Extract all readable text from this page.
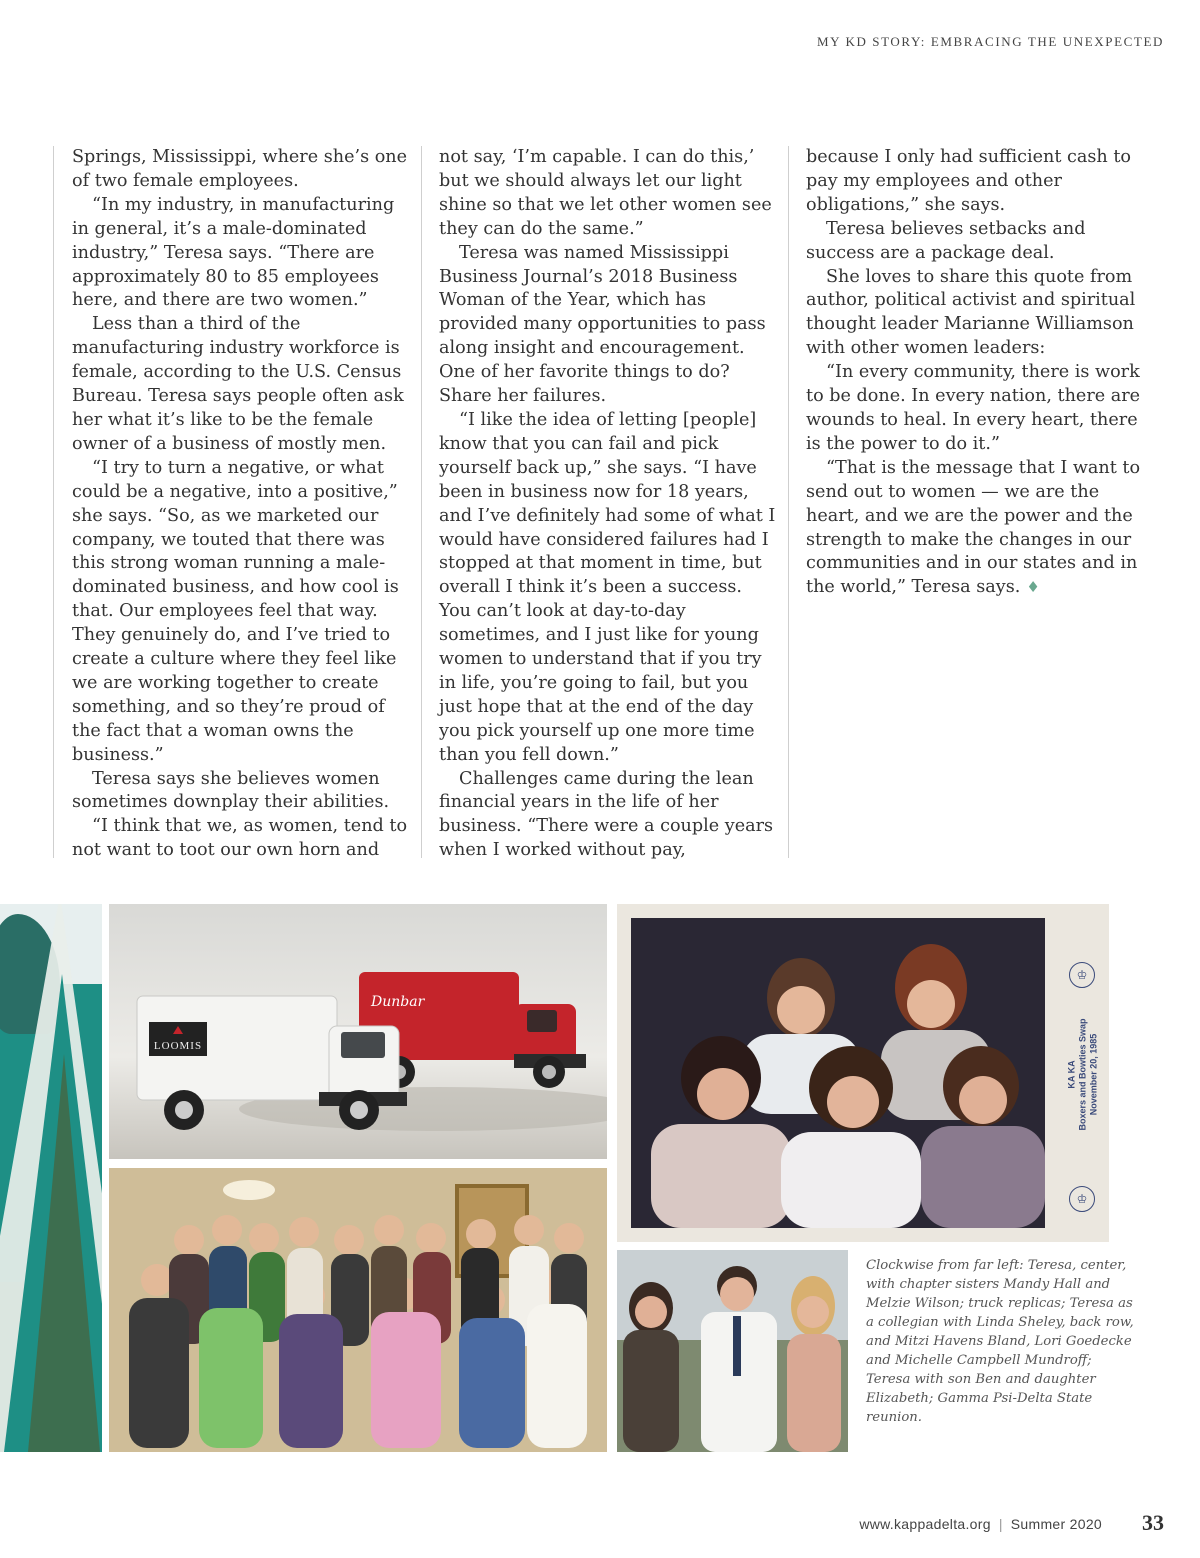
MY KD STORY: EMBRACING THE UNEXPECTED

Springs, Mississippi, where she’s one of two female employees.

“In my industry, in manufacturing in general, it’s a male-dominated industry,” Teresa says. “There are approximately 80 to 85 employees here, and there are two women.”

Less than a third of the manufacturing industry workforce is female, according to the U.S. Census Bureau. Teresa says people often ask her what it’s like to be the female owner of a business of mostly men.

“I try to turn a negative, or what could be a negative, into a positive,” she says. “So, as we marketed our company, we touted that there was this strong woman running a male-dominated business, and how cool is that. Our employees feel that way. They genuinely do, and I’ve tried to create a culture where they feel like we are working together to create something, and so they’re proud of the fact that a woman owns the business.”

Teresa says she believes women sometimes downplay their abilities.

“I think that we, as women, tend to not want to toot our own horn and

not say, ‘I’m capable. I can do this,’ but we should always let our light shine so that we let other women see they can do the same.”

Teresa was named Mississippi Business Journal’s 2018 Business Woman of the Year, which has provided many opportunities to pass along insight and encouragement. One of her favorite things to do? Share her failures.

“I like the idea of letting [people] know that you can fail and pick yourself back up,” she says. “I have been in business now for 18 years, and I’ve definitely had some of what I would have considered failures had I stopped at that moment in time, but overall I think it’s been a success. You can’t look at day-to-day sometimes, and I just like for young women to understand that if you try in life, you’re going to fail, but you just hope that at the end of the day you pick yourself up one more time than you fell down.”

Challenges came during the lean financial years in the life of her business. “There were a couple years when I worked without pay,

because I only had sufficient cash to pay my employees and other obligations,” she says.

Teresa believes setbacks and success are a package deal.

She loves to share this quote from author, political activist and spiritual thought leader Marianne Williamson with other women leaders:

“In every community, there is work to be done. In every nation, there are wounds to heal. In every heart, there is the power to do it.”

“That is the message that I want to send out to women — we are the heart, and we are the power and the strength to make the changes in our communities and in our states and in the world,” Teresa says. ♦

Dunbar
LOOMIS
♔
KA KA Boxers and Bowties Swap November 20, 1985
♔
Clockwise from far left: Teresa, center, with chapter sisters Mandy Hall and Melzie Wilson; truck replicas; Teresa as a collegian with Linda Sheley, back row, and Mitzi Havens Bland, Lori Goedecke and Michelle Campbell Mundroff; Teresa with son Ben and daughter Elizabeth; Gamma Psi-Delta State reunion.
www.kappadelta.org | Summer 2020 33
